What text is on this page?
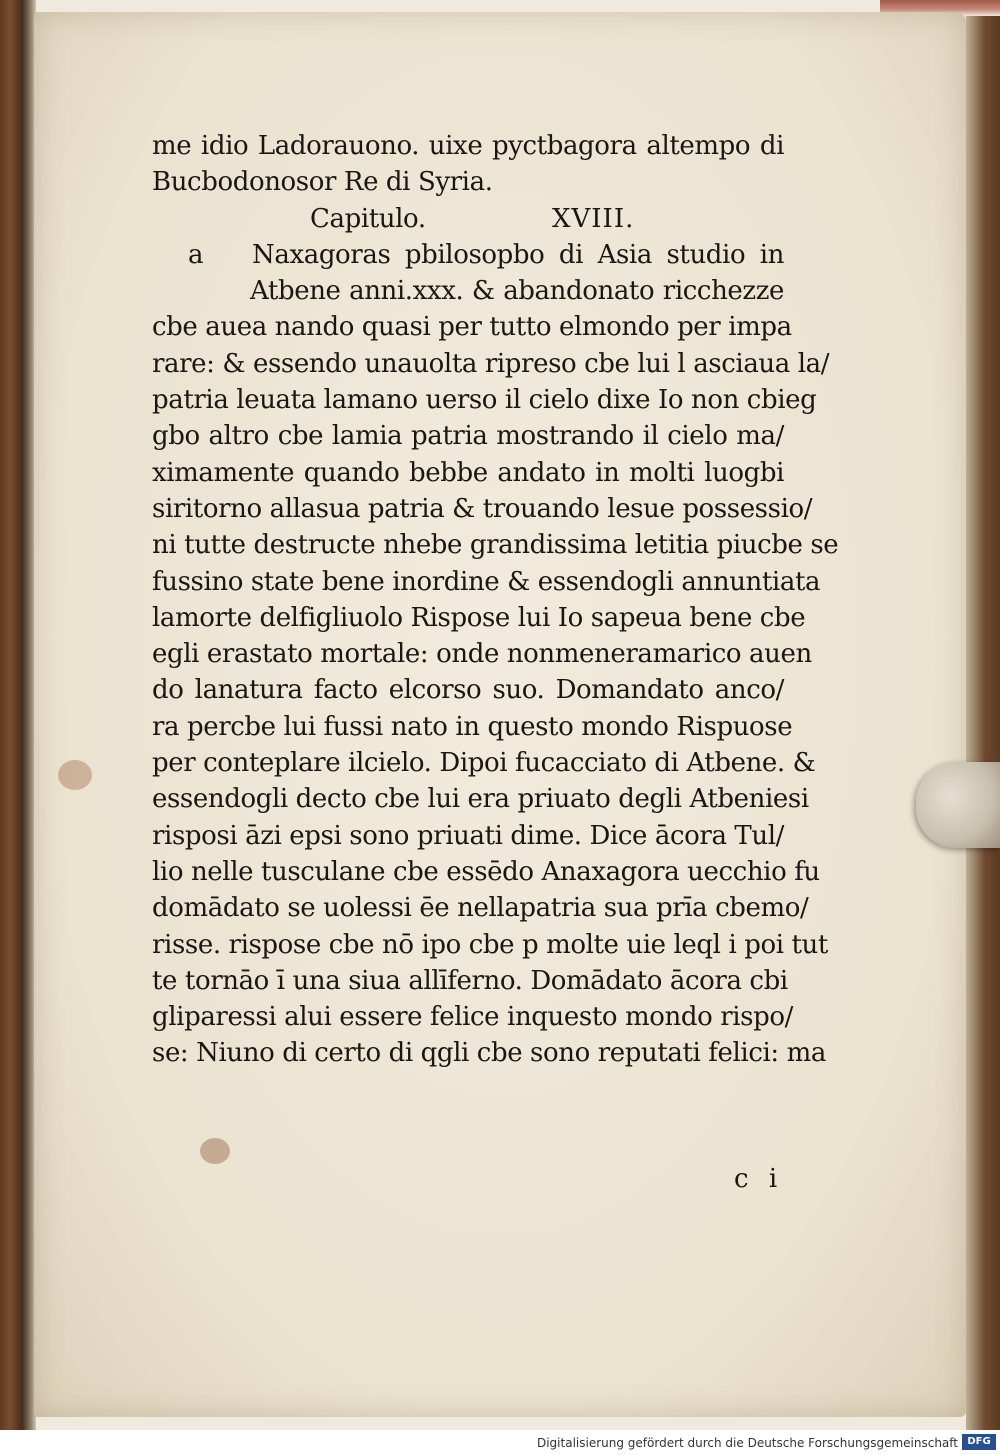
me idio Ladorauono. uixe pyctbagora altempo di
Bucbodonosor Re di Syria.
Capitulo.	XVIII.
a Naxagoras pbilosopbo di Asia studio in
Atbene anni.xxx. & abandonato ricchezze
cbe auea nando quasi per tutto elmondo per impa
rare: & essendo unauolta ripreso cbe lui l asciaua la/
patria leuata lamano uerso il cielo dixe Io non cbieg
gbo altro cbe lamia patria mostrando il cielo ma/
ximamente quando bebbe andato in molti luogbi
siritorno allasua patria & trouando lesue possessio/
ni tutte destructe nhebe grandissima letitia piucbe se
fussino state bene inordine & essendogli annuntiata
lamorte delfigliuolo Rispose lui Io sapeua bene cbe
egli erastato mortale: onde nonmeneramarico auen
do lanatura facto elcorso suo. Domandato anco/
ra percbe lui fussi nato in questo mondo Rispuose
per conteplare ilcielo. Dipoi fucacciato di Atbene. &
essendogli decto cbe lui era priuato degli Atbeniesi
risposi āzi epsi sono priuati dime. Dice ācora Tul/
lio nelle tusculane cbe essēdo Anaxagora uecchio fu
domādato se uolessi ēe nellapatria sua prīa cbemo/
risse. rispose cbe nō ipo cbe p molte uie leql i poi tut
te tornāo ī una siua allīferno. Domādato ācora cbi
gliparessi alui essere felice inquesto mondo rispo/
se: Niuno di certo di qgli cbe sono reputati felici: ma
c i
Digitalisierung gefördert durch die Deutsche Forschungsgemeinschaft DFG
